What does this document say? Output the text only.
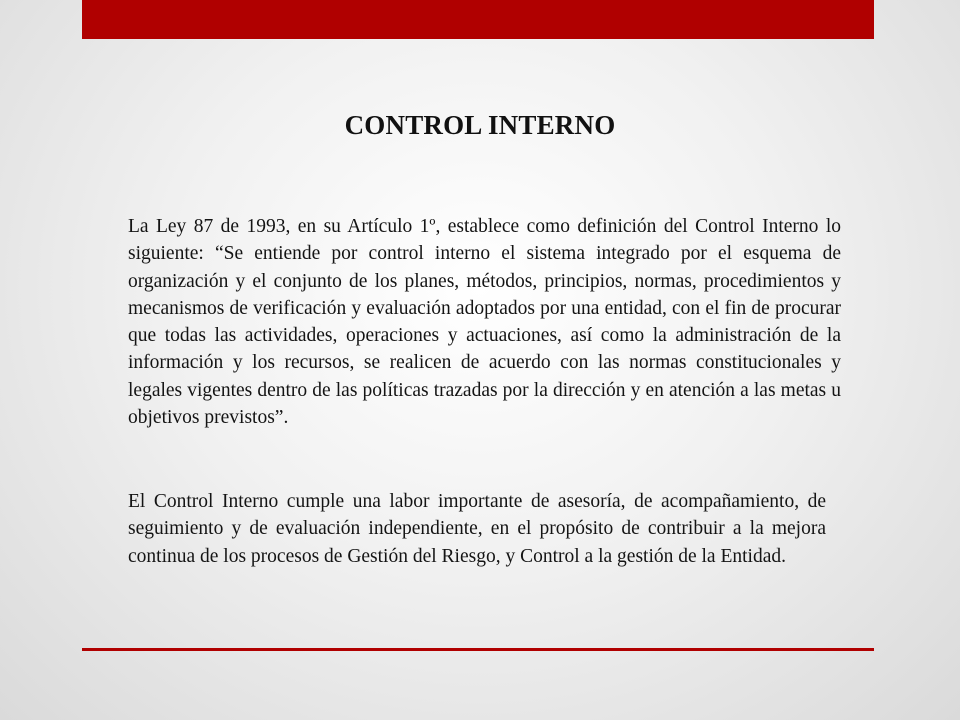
CONTROL INTERNO

La Ley 87 de 1993, en su Artículo 1º, establece como definición del Control Interno lo siguiente: “Se entiende por control interno el sistema integrado por el esquema de organización y el conjunto de los planes, métodos, principios, normas, procedimientos y mecanismos de verificación y evaluación adoptados por una entidad, con el fin de procurar que todas las actividades, operaciones y actuaciones, así como la administración de la información y los recursos, se realicen de acuerdo con las normas constitucionales y legales vigentes dentro de las políticas trazadas por la dirección y en atención a las metas u objetivos previstos”.

El Control Interno cumple una labor importante de asesoría, de acompañamiento, de seguimiento y de evaluación independiente, en el propósito de contribuir a la mejora continua de los procesos de Gestión del Riesgo, y Control a la gestión de la Entidad.
